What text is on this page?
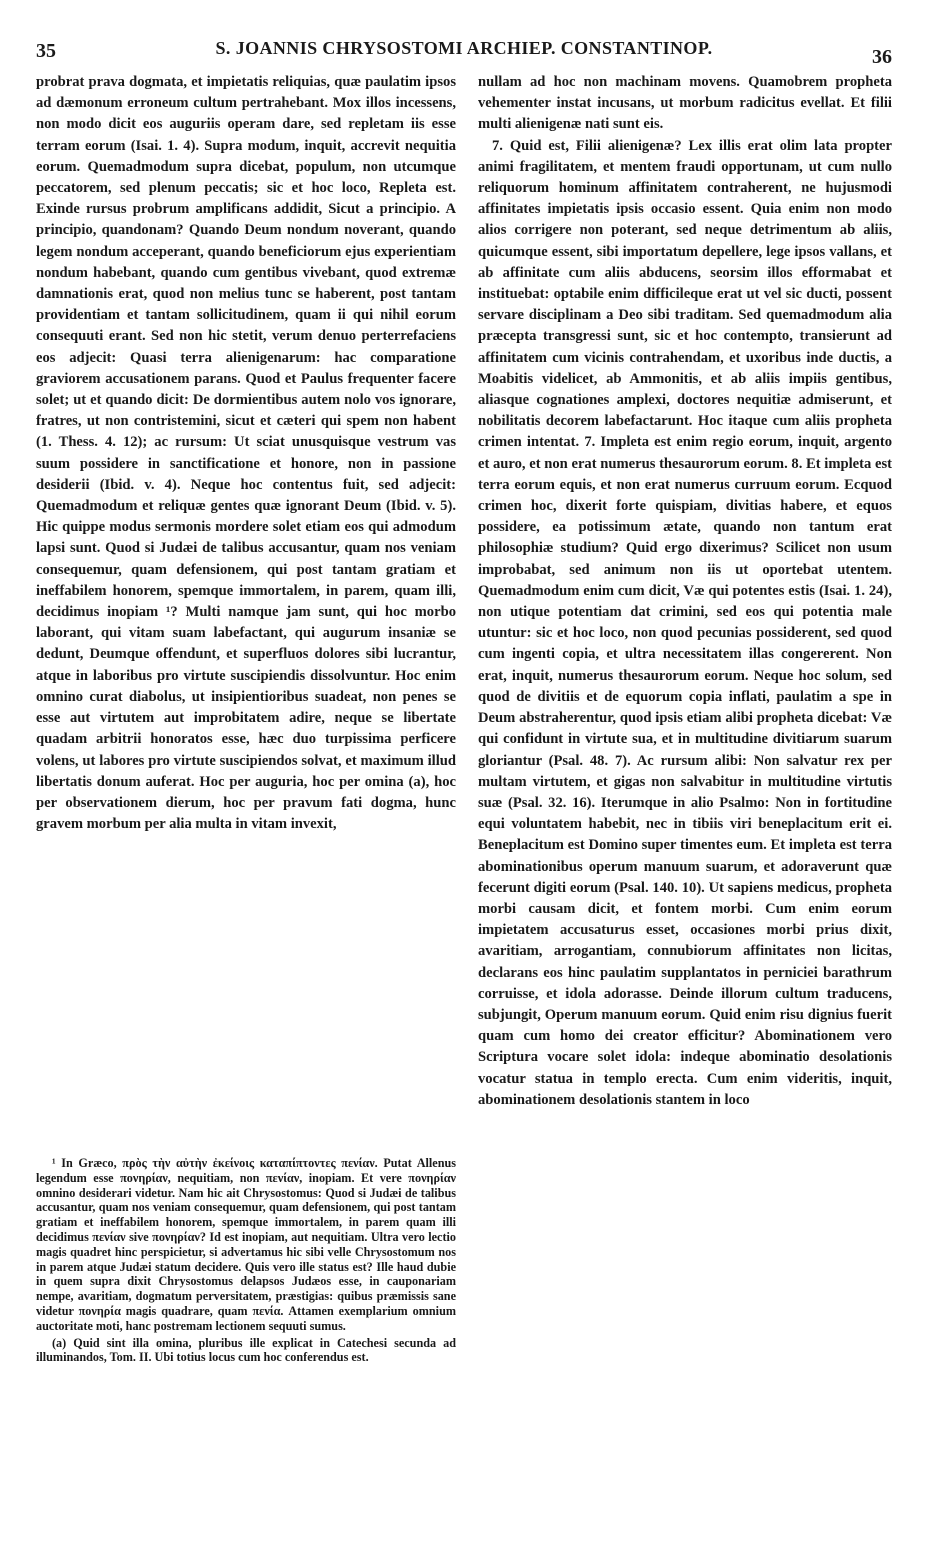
35	S. JOANNIS CHRYSOSTOMI ARCHIEP. CONSTANTINOP.	36

probrat prava dogmata, et impietatis reliquias, quæ paulatim ipsos ad dæmonum erroneum cultum pertrahebant. Mox illos incessens, non modo dicit eos auguriis operam dare, sed repletam iis esse terram eorum (Isai. 1. 4). Supra modum, inquit, accrevit nequitia eorum. Quemadmodum supra dicebat, populum, non utcumque peccatorem, sed plenum peccatis; sic et hoc loco, Repleta est. Exinde rursus probrum amplificans addidit, Sicut a principio. A principio, quandonam? Quando Deum nondum noverant, quando legem nondum acceperant, quando beneficiorum ejus experientiam nondum habebant, quando cum gentibus vivebant, quod extremæ damnationis erat, quod non melius tunc se haberent, post tantam providentiam et tantam sollicitudinem, quam ii qui nihil eorum consequuti erant. Sed non hic stetit, verum denuo perterrefaciens eos adjecit: Quasi terra alienigenarum: hac comparatione graviorem accusationem parans. Quod et Paulus frequenter facere solet; ut et quando dicit: De dormientibus autem nolo vos ignorare, fratres, ut non contristemini, sicut et cæteri qui spem non habent (1. Thess. 4. 12); ac rursum: Ut sciat unusquisque vestrum vas suum possidere in sanctificatione et honore, non in passione desiderii (Ibid. v. 4). Neque hoc contentus fuit, sed adjecit: Quemadmodum et reliquæ gentes quæ ignorant Deum (Ibid. v. 5). Hic quippe modus sermonis mordere solet etiam eos qui admodum lapsi sunt. Quod si Judæi de talibus accusantur, quam nos veniam consequemur, quam defensionem, qui post tantam gratiam et ineffabilem honorem, spemque immortalem, in parem, quam illi, decidimus inopiam ¹? Multi namque jam sunt, qui hoc morbo laborant, qui vitam suam labefactant, qui augurum insaniæ se dedunt, Deumque offendunt, et superfluos dolores sibi lucrantur, atque in laboribus pro virtute suscipiendis dissolvuntur. Hoc enim omnino curat diabolus, ut insipientioribus suadeat, non penes se esse aut virtutem aut improbitatem adire, neque se libertate quadam arbitrii honoratos esse, hæc duo turpissima perficere volens, ut labores pro virtute suscipiendos solvat, et maximum illud libertatis donum auferat. Hoc per auguria, hoc per omina (a), hoc per observationem dierum, hoc per pravum fati dogma, hunc gravem morbum per alia multa in vitam invexit,

nullam ad hoc non machinam movens. Quamobrem propheta vehementer instat incusans, ut morbum radicitus evellat. Et filii multi alienigenæ nati sunt eis.

7. Quid est, Filii alienigenæ? Lex illis erat olim lata propter animi fragilitatem, et mentem fraudi opportunam, ut cum nullo reliquorum hominum affinitatem contraherent, ne hujusmodi affinitates impietatis ipsis occasio essent. Quia enim non modo alios corrigere non poterant, sed neque detrimentum ab aliis, quicumque essent, sibi importatum depellere, lege ipsos vallans, et ab affinitate cum aliis abducens, seorsim illos efformabat et instituebat: optabile enim difficileque erat ut vel sic ducti, possent servare disciplinam a Deo sibi traditam. Sed quemadmodum alia præcepta transgressi sunt, sic et hoc contempto, transierunt ad affinitatem cum vicinis contrahendam, et uxoribus inde ductis, a Moabitis videlicet, ab Ammonitis, et ab aliis impiis gentibus, aliasque cognationes amplexi, doctores nequitiæ admiserunt, et nobilitatis decorem labefactarunt. Hoc itaque cum aliis propheta crimen intentat. 7. Impleta est enim regio eorum, inquit, argento et auro, et non erat numerus thesaurorum eorum. 8. Et impleta est terra eorum equis, et non erat numerus curruum eorum. Ecquod crimen hoc, dixerit forte quispiam, divitias habere, et equos possidere, ea potissimum ætate, quando non tantum erat philosophiæ studium? Quid ergo dixerimus? Scilicet non usum improbabat, sed animum non iis ut oportebat utentem. Quemadmodum enim cum dicit, Væ qui potentes estis (Isai. 1. 24), non utique potentiam dat crimini, sed eos qui potentia male utuntur: sic et hoc loco, non quod pecunias possiderent, sed quod cum ingenti copia, et ultra necessitatem illas congererent. Non erat, inquit, numerus thesaurorum eorum. Neque hoc solum, sed quod de divitiis et de equorum copia inflati, paulatim a spe in Deum abstraherentur, quod ipsis etiam alibi propheta dicebat: Væ qui confidunt in virtute sua, et in multitudine divitiarum suarum gloriantur (Psal. 48. 7). Ac rursum alibi: Non salvatur rex per multam virtutem, et gigas non salvabitur in multitudine virtutis suæ (Psal. 32. 16). Iterumque in alio Psalmo: Non in fortitudine equi voluntatem habebit, nec in tibiis viri beneplacitum erit ei. Beneplacitum est Domino super timentes eum. Et impleta est terra abominationibus operum manuum suarum, et adoraverunt quæ fecerunt digiti eorum (Psal. 140. 10). Ut sapiens medicus, propheta morbi causam dicit, et fontem morbi. Cum enim eorum impietatem accusaturus esset, occasiones morbi prius dixit, avaritiam, arrogantiam, connubiorum affinitates non licitas, declarans eos hinc paulatim supplantatos in perniciei barathrum corruisse, et idola adorasse. Deinde illorum cultum traducens, subjungit, Operum manuum eorum. Quid enim risu dignius fuerit quam cum homo dei creator efficitur? Abominationem vero Scriptura vocare solet idola: indeque abominatio desolationis vocatur statua in templo erecta. Cum enim videritis, inquit, abominationem desolationis stantem in loco

¹ In Græco, πρὸς τὴν αὐτὴν ἐκείνοις καταπίπτοντες πενίαν. Putat Allenus legendum esse πονηρίαν, nequitiam, non πενίαν, inopiam. Et vere πονηρίαν omnino desiderari videtur. Nam hic ait Chrysostomus: Quod si Judæi de talibus accusantur, quam nos veniam consequemur, quam defensionem, qui post tantam gratiam et ineffabilem honorem, spemque immortalem, in parem quam illi decidimus πενίαν sive πονηρίαν? Id est inopiam, aut nequitiam. Ultra vero lectio magis quadret hinc perspicietur, si advertamus hic sibi velle Chrysostomum nos in parem atque Judæi statum decidere. Quis vero ille status est? Ille haud dubie in quem supra dixit Chrysostomus delapsos Judæos esse, in cauponariam nempe, avaritiam, dogmatum perversitatem, præstigias: quibus præmissis sane videtur πονηρία magis quadrare, quam πενία. Attamen exemplarium omnium auctoritate moti, hanc postremam lectionem sequuti sumus.

(a) Quid sint illa omina, pluribus ille explicat in Catechesi secunda ad illuminandos, Tom. II. Ubi totius locus cum hoc conferendus est.
